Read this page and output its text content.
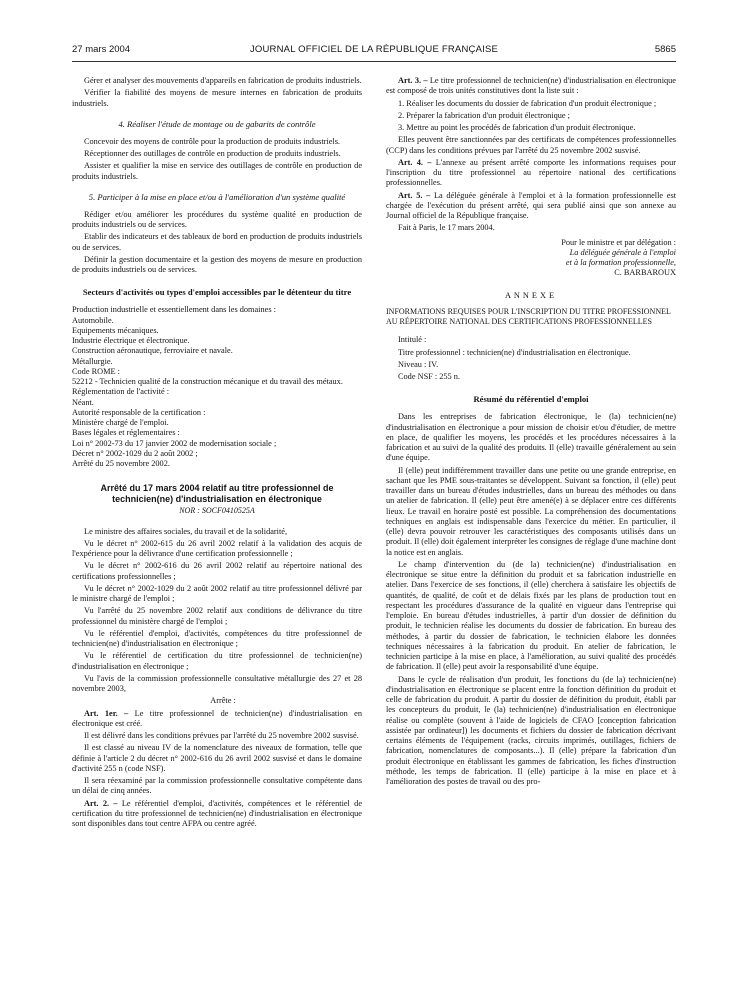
27 mars 2004	JOURNAL OFFICIEL DE LA RÉPUBLIQUE FRANÇAISE	5865

Gérer et analyser des mouvements d'appareils en fabrication de produits industriels.

Vérifier la fiabilité des moyens de mesure internes en fabrication de produits industriels.

4. Réaliser l'étude de montage ou de gabarits de contrôle

Concevoir des moyens de contrôle pour la production de produits industriels.

Réceptionner des outillages de contrôle en production de produits industriels.

Assister et qualifier la mise en service des outillages de contrôle en production de produits industriels.

5. Participer à la mise en place et/ou à l'amélioration d'un système qualité

Rédiger et/ou améliorer les procédures du système qualité en production de produits industriels ou de services.

Etablir des indicateurs et des tableaux de bord en production de produits industriels ou de services.

Définir la gestion documentaire et la gestion des moyens de mesure en production de produits industriels ou de services.

Secteurs d'activités ou types d'emploi accessibles par le détenteur du titre

Production industrielle et essentiellement dans les domaines :

Automobile.

Equipements mécaniques.

Industrie électrique et électronique.

Construction aéronautique, ferroviaire et navale.

Métallurgie.

Code ROME :

52212 - Technicien qualité de la construction mécanique et du travail des métaux.

Réglementation de l'activité :

Néant.

Autorité responsable de la certification :

Ministère chargé de l'emploi.

Bases légales et réglementaires :

Loi n° 2002-73 du 17 janvier 2002 de modernisation sociale ;

Décret n° 2002-1029 du 2 août 2002 ;

Arrêté du 25 novembre 2002.

Arrêté du 17 mars 2004 relatif au titre professionnel de technicien(ne) d'industrialisation en électronique
NOR : SOCF0410525A

Le ministre des affaires sociales, du travail et de la solidarité,

Vu le décret n° 2002-615 du 26 avril 2002 relatif à la validation des acquis de l'expérience pour la délivrance d'une certification professionnelle ;

Vu le décret n° 2002-616 du 26 avril 2002 relatif au répertoire national des certifications professionnelles ;

Vu le décret n° 2002-1029 du 2 août 2002 relatif au titre professionnel délivré par le ministre chargé de l'emploi ;

Vu l'arrêté du 25 novembre 2002 relatif aux conditions de délivrance du titre professionnel du ministère chargé de l'emploi ;

Vu le référentiel d'emploi, d'activités, compétences du titre professionnel de technicien(ne) d'industrialisation en électronique ;

Vu le référentiel de certification du titre professionnel de technicien(ne) d'industrialisation en électronique ;

Vu l'avis de la commission professionnelle consultative métallurgie des 27 et 28 novembre 2003,

Arrête :

Art. 1er. – Le titre professionnel de technicien(ne) d'industrialisation en électronique est créé.

Il est délivré dans les conditions prévues par l'arrêté du 25 novembre 2002 susvisé.

Il est classé au niveau IV de la nomenclature des niveaux de formation, telle que définie à l'article 2 du décret n° 2002-616 du 26 avril 2002 susvisé et dans le domaine d'activité 255 n (code NSF).

Il sera réexaminé par la commission professionnelle consultative compétente dans un délai de cinq années.

Art. 2. – Le référentiel d'emploi, d'activités, compétences et le référentiel de certification du titre professionnel de technicien(ne) d'industrialisation en électronique sont disponibles dans tout centre AFPA ou centre agréé.

Art. 3. – Le titre professionnel de technicien(ne) d'industrialisation en électronique est composé de trois unités constitutives dont la liste suit :

1. Réaliser les documents du dossier de fabrication d'un produit électronique ;

2. Préparer la fabrication d'un produit électronique ;

3. Mettre au point les procédés de fabrication d'un produit électronique.

Elles peuvent être sanctionnées par des certificats de compétences professionnelles (CCP) dans les conditions prévues par l'arrêté du 25 novembre 2002 susvisé.

Art. 4. – L'annexe au présent arrêté comporte les informations requises pour l'inscription du titre professionnel au répertoire national des certifications professionnelles.

Art. 5. – La déléguée générale à l'emploi et à la formation professionnelle est chargée de l'exécution du présent arrêté, qui sera publié ainsi que son annexe au Journal officiel de la République française.

Fait à Paris, le 17 mars 2004.

Pour le ministre et par délégation :
La déléguée générale à l'emploi
et à la formation professionnelle,
C. BARBAROUX
ANNEXE
INFORMATIONS REQUISES POUR L'INSCRIPTION DU TITRE PROFESSIONNEL AU RÉPERTOIRE NATIONAL DES CERTIFICATIONS PROFESSIONNELLES

Intitulé :

Titre professionnel : technicien(ne) d'industrialisation en électronique.

Niveau : IV.

Code NSF : 255 n.

Résumé du référentiel d'emploi

Dans les entreprises de fabrication électronique, le (la) technicien(ne) d'industrialisation en électronique a pour mission de choisir et/ou d'étudier, de mettre en place, de qualifier les moyens, les procédés et les procédures nécessaires à la fabrication et au suivi de la qualité des produits. Il (elle) travaille généralement au sein d'une équipe.

Il (elle) peut indifféremment travailler dans une petite ou une grande entreprise, en sachant que les PME sous-traitantes se développent. Suivant sa fonction, il (elle) peut travailler dans un bureau d'études industrielles, dans un bureau des méthodes ou dans un atelier de fabrication. Il (elle) peut être amené(e) à se déplacer entre ces différents lieux. Le travail en horaire posté est possible. La compréhension des documentations techniques en anglais est indispensable dans l'exercice du métier. En particulier, il (elle) devra pouvoir retrouver les caractéristiques des composants utilisés dans un produit. Il (elle) doit également interpréter les consignes de réglage d'une machine dont la notice est en anglais.

Le champ d'intervention du (de la) technicien(ne) d'industrialisation en électronique se situe entre la définition du produit et sa fabrication industrielle en atelier. Dans l'exercice de ses fonctions, il (elle) cherchera à satisfaire les objectifs de quantités, de qualité, de coût et de délais fixés par les plans de production tout en respectant les procédures d'assurance de la qualité en vigueur dans l'entreprise qui l'emploie. En bureau d'études industrielles, à partir d'un dossier de définition du produit, le technicien réalise les documents du dossier de fabrication. En bureau des méthodes, à partir du dossier de fabrication, le technicien élabore les données techniques nécessaires à la fabrication du produit. En atelier de fabrication, le technicien participe à la mise en place, à l'amélioration, au suivi qualité des procédés de fabrication. Il (elle) peut avoir la responsabilité d'une équipe.

Dans le cycle de réalisation d'un produit, les fonctions du (de la) technicien(ne) d'industrialisation en électronique se placent entre la fonction définition du produit et celle de fabrication du produit. A partir du dossier de définition du produit, établi par les concepteurs du produit, le (la) technicien(ne) d'industrialisation en électronique réalise ou complète (souvent à l'aide de logiciels de CFAO [conception fabrication assistée par ordinateur]) les documents et fichiers du dossier de fabrication décrivant certains éléments de l'équipement (racks, circuits imprimés, outillages, fichiers de fabrication, nomenclatures de composants...). Il (elle) prépare la fabrication d'un produit électronique en établissant les gammes de fabrication, les fiches d'instruction méthode, les temps de fabrication. Il (elle) participe à la mise en place et à l'amélioration des postes de travail ou des pro-
